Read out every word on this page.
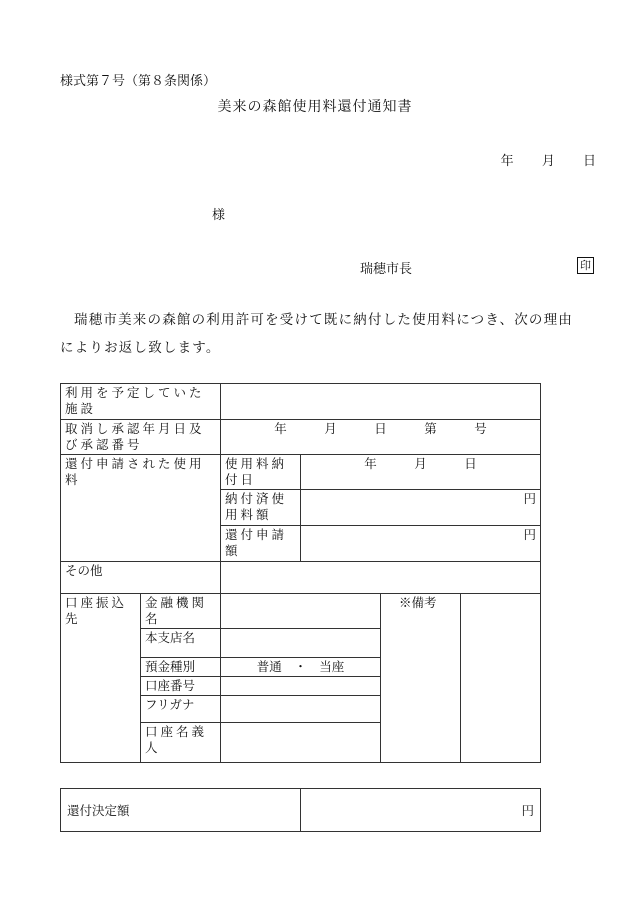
様式第７号（第８条関係）
美来の森館使用料還付通知書
年 月 日
様
瑞穂市長	印
瑞穂市美来の森館の利用許可を受けて既に納付した使用料につき、次の理由によりお返し致します。
利用を予定していた施設					
取消し承認年月日及び承認番号		年　　　月　　　日　　　第　　　号			
還付申請された使用料		使用料納付日	年　　　月　　　日		
		納付済使用料額	円		
		還付申請額	円		
その他					
口座振込先	金融機関名			※備考	
	本支店名				
	預金種別	普通　・　当座			
	口座番号				
	フリガナ				
	口座名義人				
還付決定額	円
